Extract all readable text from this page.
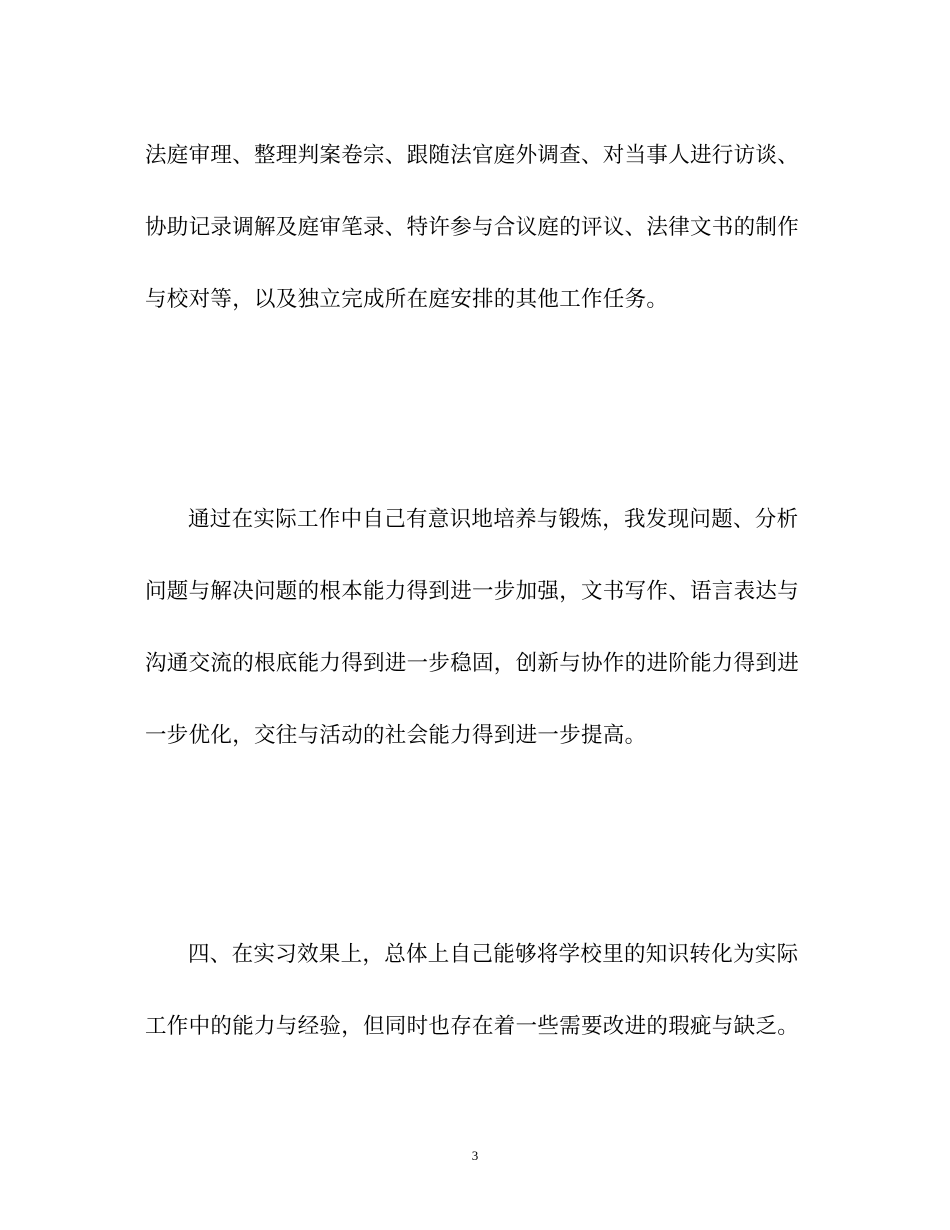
法庭审理、整理判案卷宗、跟随法官庭外调查、对当事人进行访谈、
协助记录调解及庭审笔录、特许参与合议庭的评议、法律文书的制作
与校对等，以及独立完成所在庭安排的其他工作任务。
通过在实际工作中自己有意识地培养与锻炼，我发现问题、分析
问题与解决问题的根本能力得到进一步加强，文书写作、语言表达与
沟通交流的根底能力得到进一步稳固，创新与协作的进阶能力得到进
一步优化，交往与活动的社会能力得到进一步提高。
四、在实习效果上，总体上自己能够将学校里的知识转化为实际
工作中的能力与经验，但同时也存在着一些需要改进的瑕疵与缺乏。
3
